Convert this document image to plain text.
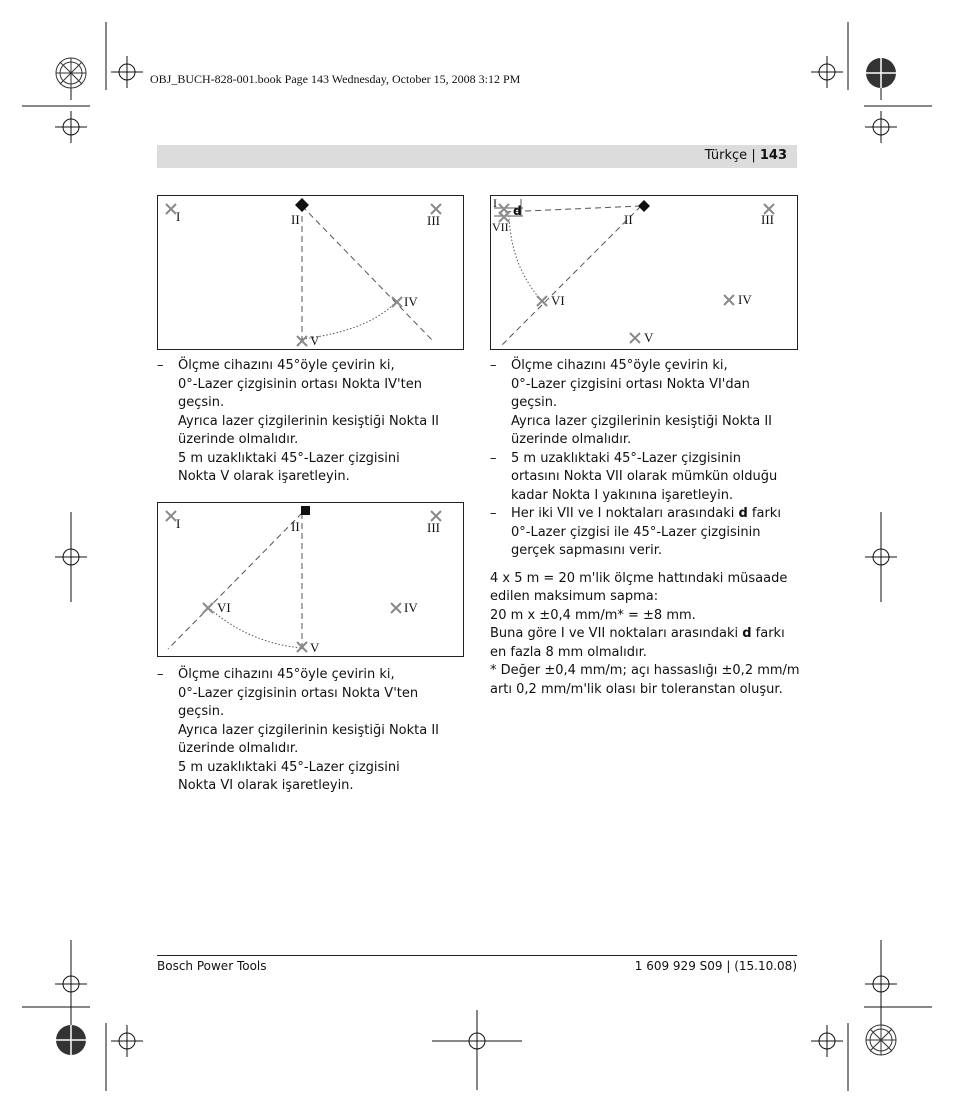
OBJ_BUCH-828-001.book Page 143 Wednesday, October 15, 2008 3:12 PM
Türkçe | 143
I	II	III
IV
V
I	II	III
IV
VI
V
I
d
VII	II	III
IV
VI
V
– Ölçme cihazını 45°öyle çevirin ki,
0°-Lazer çizgisinin ortası Nokta IV'ten
geçsin.
Ayrıca lazer çizgilerinin kesiştiği Nokta II
üzerinde olmalıdır.
5 m uzaklıktaki 45°-Lazer çizgisini
Nokta V olarak işaretleyin.
– Ölçme cihazını 45°öyle çevirin ki,
0°-Lazer çizgisinin ortası Nokta V'ten
geçsin.
Ayrıca lazer çizgilerinin kesiştiği Nokta II
üzerinde olmalıdır.
5 m uzaklıktaki 45°-Lazer çizgisini
Nokta VI olarak işaretleyin.
– Ölçme cihazını 45°öyle çevirin ki,
0°-Lazer çizgisini ortası Nokta VI'dan
geçsin.
Ayrıca lazer çizgilerinin kesiştiği Nokta II
üzerinde olmalıdır.
– 5 m uzaklıktaki 45°-Lazer çizgisinin
ortasını Nokta VII olarak mümkün olduğu
kadar Nokta I yakınına işaretleyin.
– Her iki VII ve I noktaları arasındaki d farkı
0°-Lazer çizgisi ile 45°-Lazer çizgisinin
gerçek sapmasını verir.
4 x 5 m = 20 m'lik ölçme hattındaki müsaade
edilen maksimum sapma:
20 m x ±0,4 mm/m* = ±8 mm.
Buna göre I ve VII noktaları arasındaki d farkı
en fazla 8 mm olmalıdır.
* Değer ±0,4 mm/m; açı hassaslığı ±0,2 mm/m
artı 0,2 mm/m'lik olası bir toleranstan oluşur.
Bosch Power Tools	1 609 929 S09 | (15.10.08)
